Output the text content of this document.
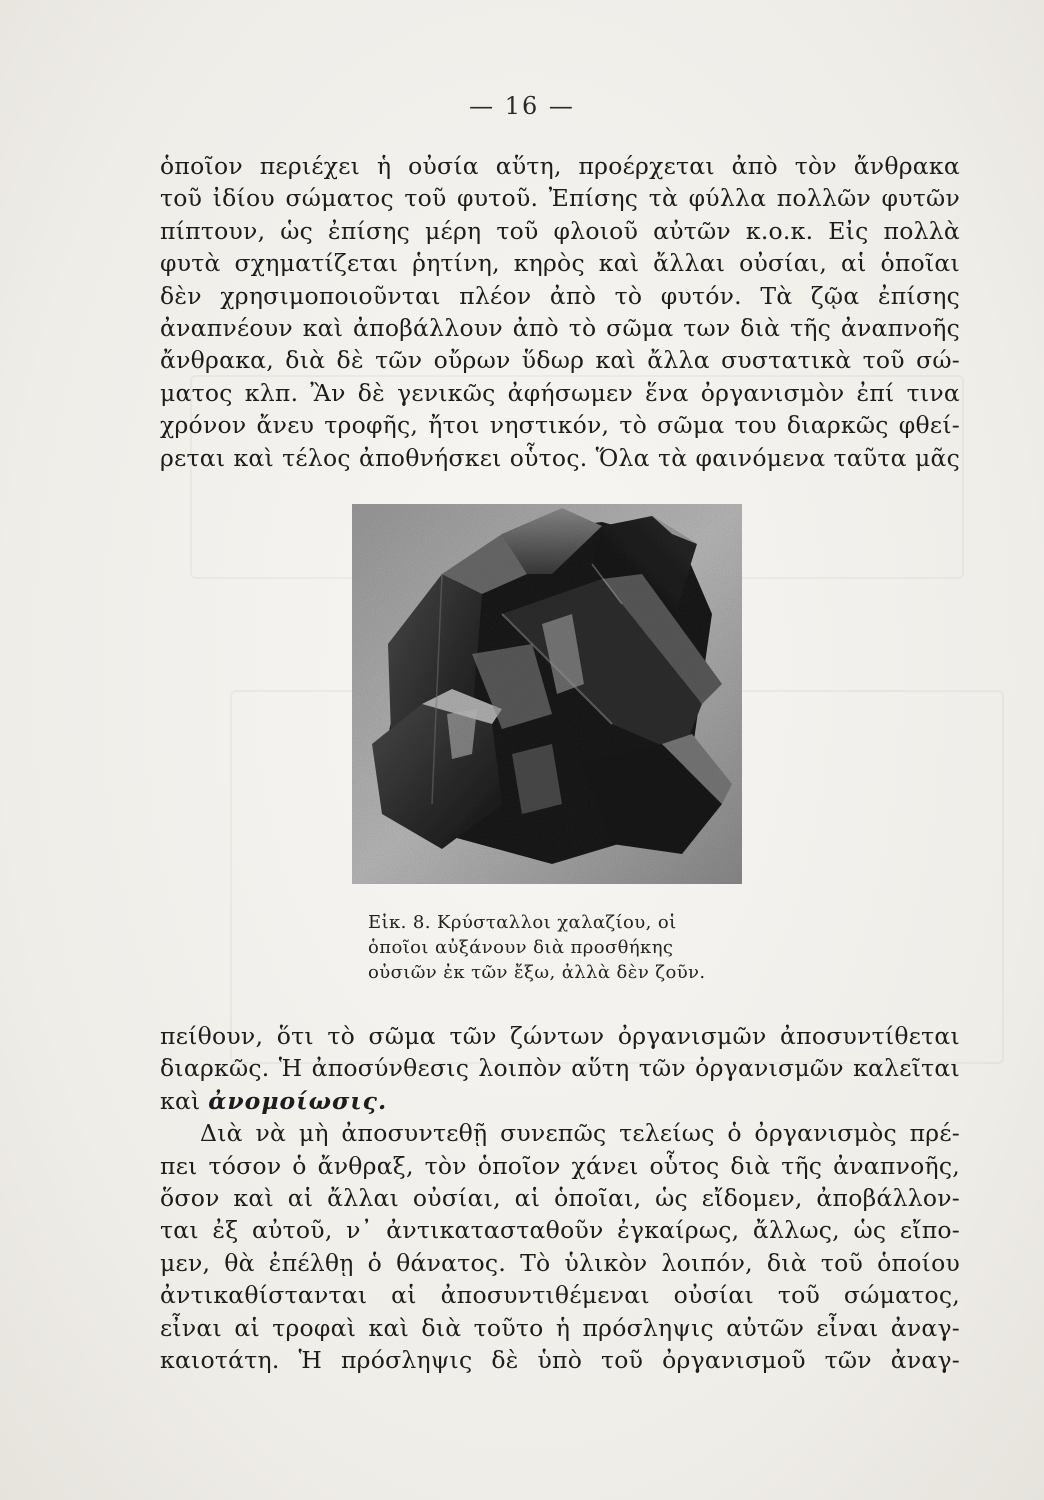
— 16 —
ὁποῖον περιέχει ἡ οὐσία αὕτη, προέρχεται ἀπὸ τὸν ἄνθρακα
τοῦ ἰδίου σώματος τοῦ φυτοῦ. Ἐπίσης τὰ φύλλα πολλῶν φυτῶν
πίπτουν, ὡς ἐπίσης μέρη τοῦ φλοιοῦ αὐτῶν κ.ο.κ. Εἰς πολλὰ
φυτὰ σχηματίζεται ῥητίνη, κηρὸς καὶ ἄλλαι οὐσίαι, αἱ ὁποῖαι
δὲν χρησιμοποιοῦνται πλέον ἀπὸ τὸ φυτόν. Τὰ ζῷα ἐπίσης
ἀναπνέουν καὶ ἀποβάλλουν ἀπὸ τὸ σῶμα των διὰ τῆς ἀναπνοῆς
ἄνθρακα, διὰ δὲ τῶν οὔρων ὕδωρ καὶ ἄλλα συστατικὰ τοῦ σώ-
ματος κλπ. Ἂν δὲ γενικῶς ἀφήσωμεν ἕνα ὀργανισμὸν ἐπί τινα
χρόνον ἄνευ τροφῆς, ἤτοι νηστικόν, τὸ σῶμα του διαρκῶς φθεί-
ρεται καὶ τέλος ἀποθνήσκει οὗτος. Ὅλα τὰ φαινόμενα ταῦτα μᾶς
Εἰκ. 8. Κρύσταλλοι χαλαζίου, οἱ
ὁποῖοι αὐξάνουν διὰ προσθήκης
οὐσιῶν ἐκ τῶν ἔξω, ἀλλὰ δὲν ζοῦν.
πείθουν, ὅτι τὸ σῶμα τῶν ζώντων ὀργανισμῶν ἀποσυντίθεται
διαρκῶς. Ἡ ἀποσύνθεσις λοιπὸν αὕτη τῶν ὀργανισμῶν καλεῖται
καὶ ἀνομοίωσις.
Διὰ νὰ μὴ ἀποσυντεθῇ συνεπῶς τελείως ὁ ὀργανισμὸς πρέ-
πει τόσον ὁ ἄνθραξ, τὸν ὁποῖον χάνει οὗτος διὰ τῆς ἀναπνοῆς,
ὅσον καὶ αἱ ἄλλαι οὐσίαι, αἱ ὁποῖαι, ὡς εἴδομεν, ἀποβάλλον-
ται ἐξ αὐτοῦ, ν᾿ ἀντικατασταθοῦν ἐγκαίρως, ἄλλως, ὡς εἴπο-
μεν, θὰ ἐπέλθῃ ὁ θάνατος. Τὸ ὑλικὸν λοιπόν, διὰ τοῦ ὁποίου
ἀντικαθίστανται αἱ ἀποσυντιθέμεναι οὐσίαι τοῦ σώματος,
εἶναι αἱ τροφαὶ καὶ διὰ τοῦτο ἡ πρόσληψις αὐτῶν εἶναι ἀναγ-
καιοτάτη. Ἡ πρόσληψις δὲ ὑπὸ τοῦ ὀργανισμοῦ τῶν ἀναγ-
